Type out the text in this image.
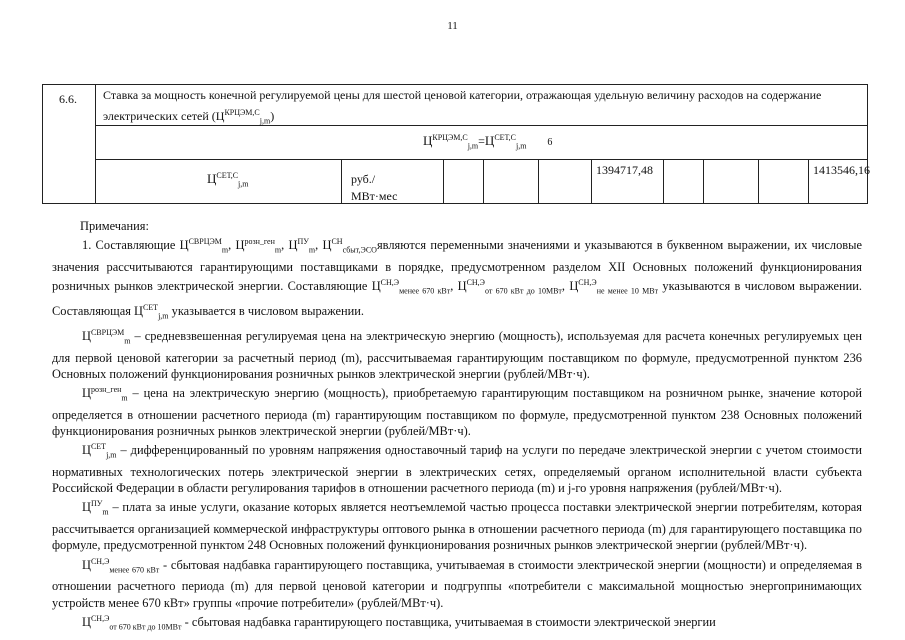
11
6.6. Ставка за мощность конечной регулируемой цены для шестой ценовой категории, отражающая удельную величину расходов на содержание электрических сетей $(Ц^{КРЦЭМ,С}_{j,m})$
$Ц^{КРЦЭМ,С}_{j,m}=Ц^{СЕТ,С}_{j,m}$ 6
$Ц^{СЕТ,С}_{j,m}$	руб./
МВт·мес
1394717,48	1413546,16

Примечания:

1. Составляющие $Ц^{СВРЦЭМ}_m$, $Ц^{розн\_ген}_m$, $Ц^{ПУ}_m$, $Ц^{СН}_{сбыт,ЭСО}являются$ переменными значениями и указываются в буквенном выражении, их числовые значения рассчитываются гарантирующими поставщиками в порядке, предусмотренном разделом XII Основных положений функционирования розничных рынков электрической энергии. Составляющие $Ц^{СН,Э}_{менее 670 кВт}$, $Ц^{СН,Э}_{от 670 кВт до 10МВт}$, $Ц^{СН,Э}_{не менее 10 МВт}$ указываются в числовом выражении. Составляющая $Ц^{СЕТ}_{j,m}$ указывается в числовом выражении.

$Ц^{СВРЦЭМ}_m$ – средневзвешенная регулируемая цена на электрическую энергию (мощность), используемая для расчета конечных регулируемых цен для первой ценовой категории за расчетный период (m), рассчитываемая гарантирующим поставщиком по формуле, предусмотренной пунктом 236 Основных положений функционирования розничных рынков электрической энергии (рублей/МВт·ч).

$Ц^{розн\_ген}_m$ – цена на электрическую энергию (мощность), приобретаемую гарантирующим поставщиком на розничном рынке, значение которой определяется в отношении расчетного периода (m) гарантирующим поставщиком по формуле, предусмотренной пунктом 238 Основных положений функционирования розничных рынков электрической энергии (рублей/МВт·ч).

$Ц^{СЕТ}_{j,m}$ – дифференцированный по уровням напряжения одноставочный тариф на услуги по передаче электрической энергии с учетом стоимости нормативных технологических потерь электрической энергии в электрических сетях, определяемый органом исполнительной власти субъекта Российской Федерации в области регулирования тарифов в отношении расчетного периода (m) и j-го уровня напряжения (рублей/МВт·ч).

$Ц^{ПУ}_m$ – плата за иные услуги, оказание которых является неотъемлемой частью процесса поставки электрической энергии потребителям, которая рассчитывается организацией коммерческой инфраструктуры оптового рынка в отношении расчетного периода (m) для гарантирующего поставщика по формуле, предусмотренной пунктом 248 Основных положений функционирования розничных рынков электрической энергии (рублей/МВт·ч).

$Ц^{СН,Э}_{менее 670 кВт}$ - сбытовая надбавка гарантирующего поставщика, учитываемая в стоимости электрической энергии (мощности) и определяемая в отношении расчетного периода (m) для первой ценовой категории и подгруппы «потребители с максимальной мощностью энергопринимающих устройств менее 670 кВт» группы «прочие потребители» (рублей/МВт·ч).

$Ц^{СН,Э}_{от 670 кВт до 10МВт}$ - сбытовая надбавка гарантирующего поставщика, учитываемая в стоимости электрической энергии
